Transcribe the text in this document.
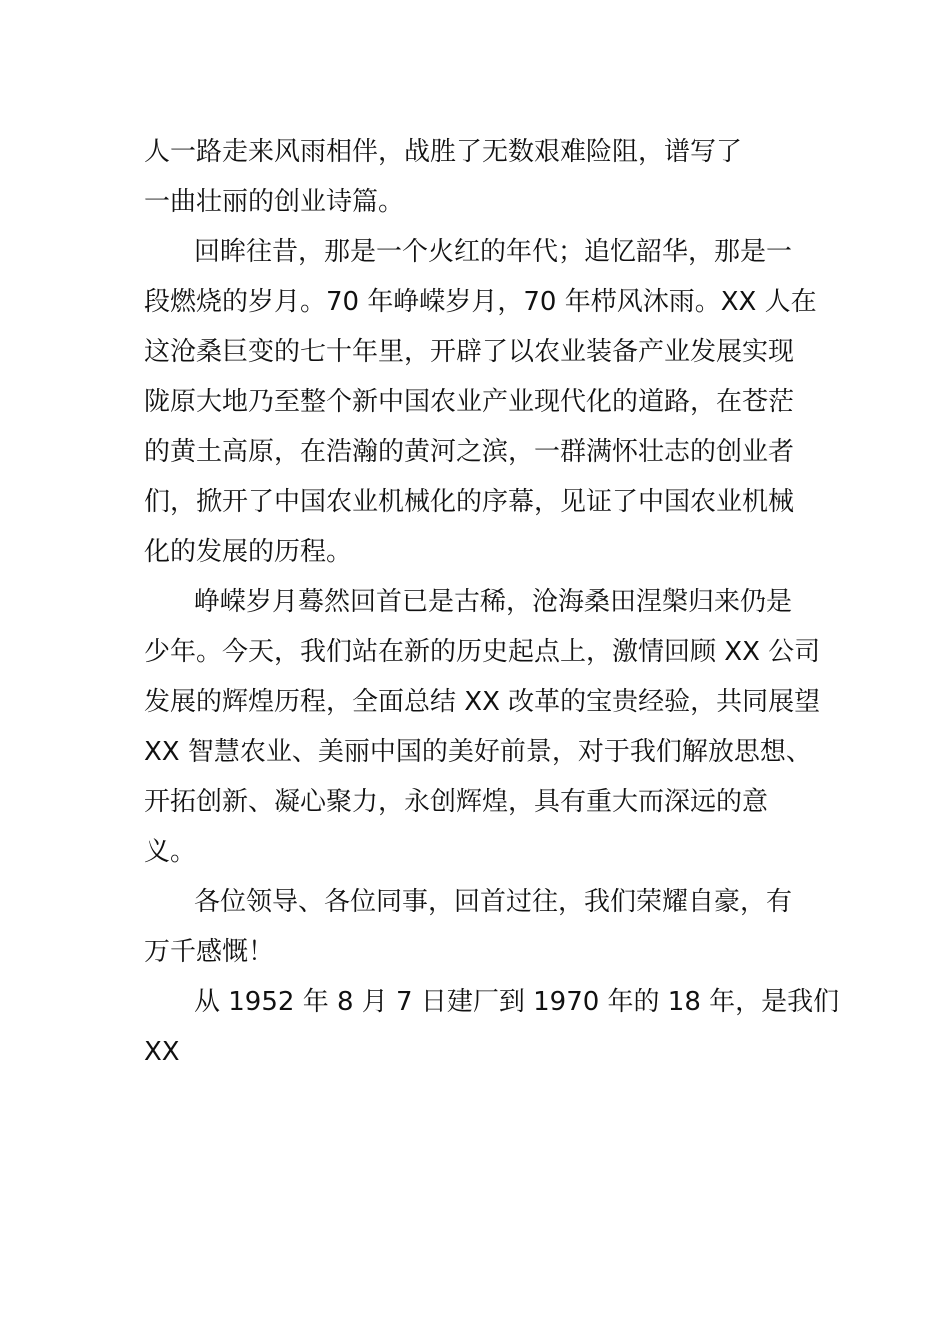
人一路走来风雨相伴，战胜了无数艰难险阻，谱写了
一曲壮丽的创业诗篇。
回眸往昔，那是一个火红的年代；追忆韶华，那是一
段燃烧的岁月。70 年峥嵘岁月，70 年栉风沐雨。XX 人在
这沧桑巨变的七十年里，开辟了以农业装备产业发展实现
陇原大地乃至整个新中国农业产业现代化的道路，在苍茫
的黄土高原，在浩瀚的黄河之滨，一群满怀壮志的创业者
们，掀开了中国农业机械化的序幕，见证了中国农业机械
化的发展的历程。
峥嵘岁月蓦然回首已是古稀，沧海桑田涅槃归来仍是
少年。今天，我们站在新的历史起点上，激情回顾 XX 公司
发展的辉煌历程，全面总结 XX 改革的宝贵经验，共同展望
XX 智慧农业、美丽中国的美好前景，对于我们解放思想、
开拓创新、凝心聚力，永创辉煌，具有重大而深远的意
义。
各位领导、各位同事，回首过往，我们荣耀自豪，有
万千感慨！
从 1952 年 8 月 7 日建厂到 1970 年的 18 年，是我们
XX
